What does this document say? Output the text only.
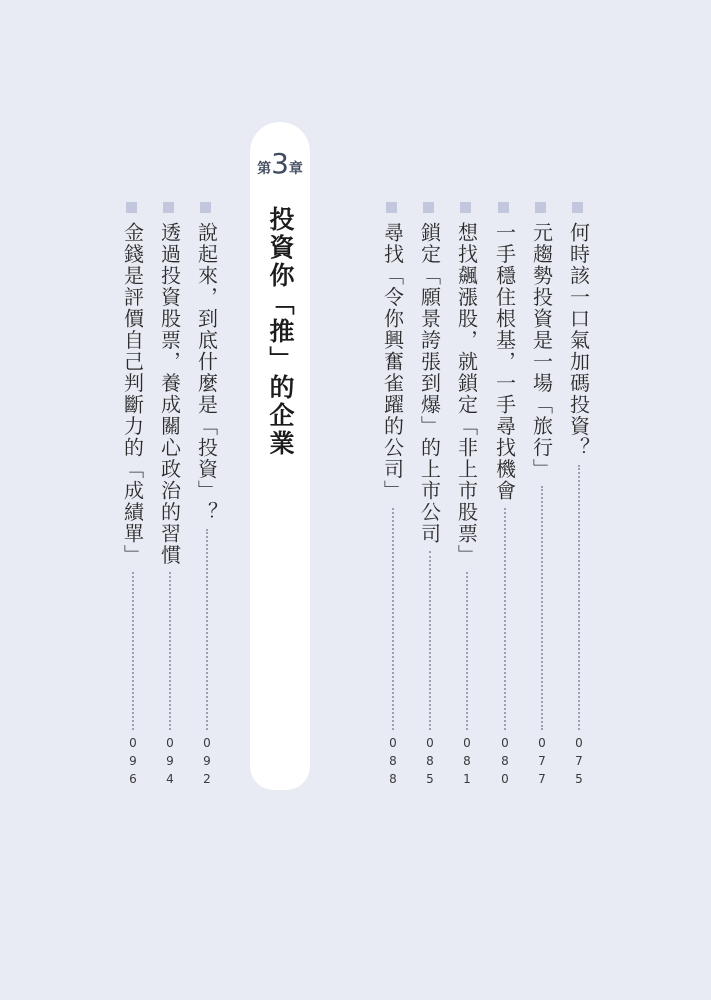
何時該一口氣加碼投資？
075
元趨勢投資是一場「旅行」
077
一手穩住根基，一手尋找機會
080
想找飆漲股，就鎖定「非上市股票」
081
鎖定「願景誇張到爆」的上市公司
085
尋找「令你興奮雀躍的公司」
088
第3章
投資你「推」的企業
說起來，到底什麼是「投資」？
092
透過投資股票，養成關心政治的習慣
094
金錢是評價自己判斷力的「成績單」
096
